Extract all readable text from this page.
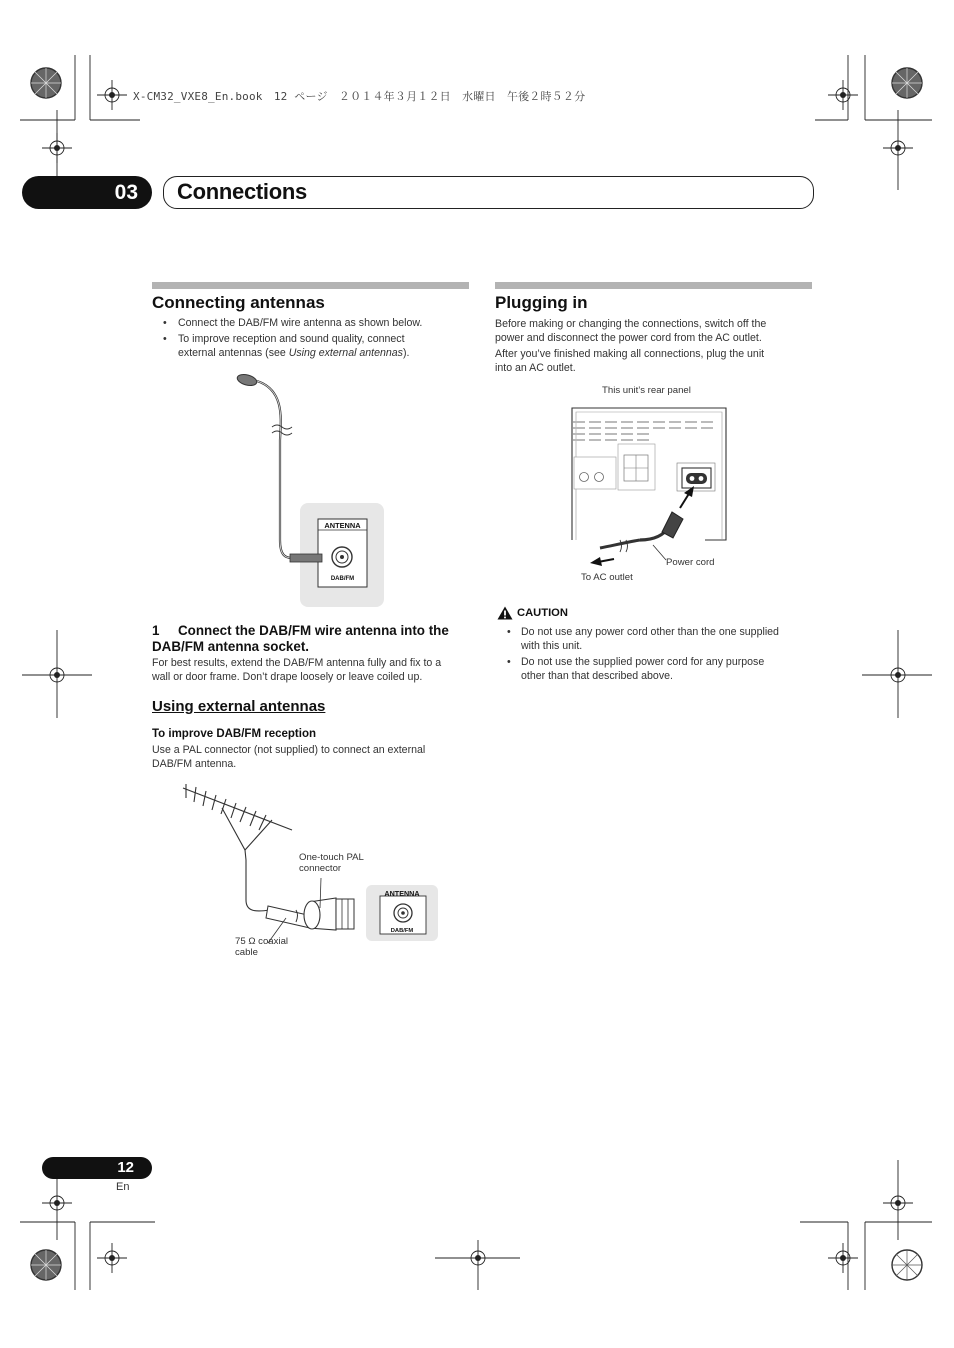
X-CM32_VXE8_En.book　12 ページ　２０１４年３月１２日　水曜日　午後２時５２分
03	Connections
Connecting antennas
• Connect the DAB/FM wire antenna as shown below.
• To improve reception and sound quality, connect
external antennas (see Using external antennas).
ANTENNA
DAB/FM
1 Connect the DAB/FM wire antenna into the
DAB/FM antenna socket.
For best results, extend the DAB/FM antenna fully and fix to a
wall or door frame. Don’t drape loosely or leave coiled up.
Using external antennas
To improve DAB/FM reception
Use a PAL connector (not supplied) to connect an external
DAB/FM antenna.
One-touch PAL
connector
75 Ω coaxial
cable
ANTENNA
DAB/FM
Plugging in
Before making or changing the connections, switch off the
power and disconnect the power cord from the AC outlet.
After you’ve finished making all connections, plug the unit
into an AC outlet.
This unit’s rear panel
Power cord
To AC outlet
CAUTION
• Do not use any power cord other than the one supplied
with this unit.
• Do not use the supplied power cord for any purpose
other than that described above.
12
En
